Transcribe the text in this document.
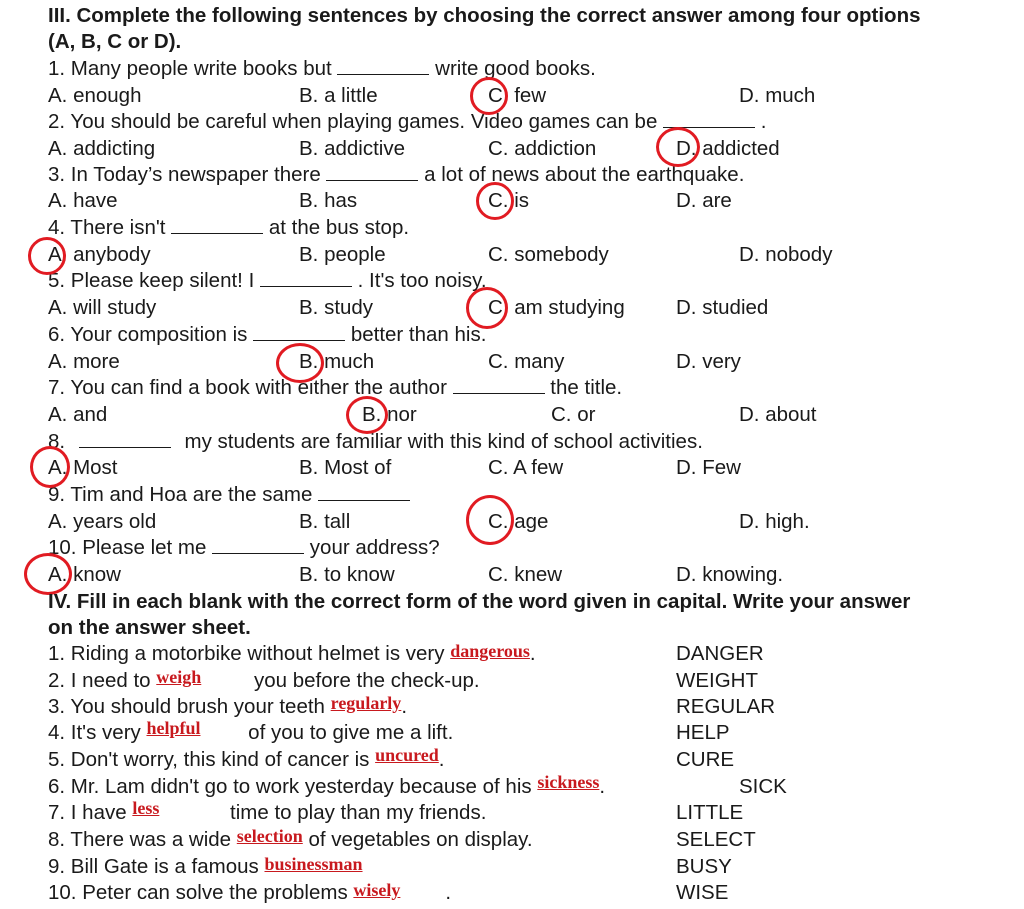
III. Complete the following sentences by choosing the correct answer among four options
(A, B, C or D).
1. Many people write books but	write good books.
A. enough	B. a little	C. few	D. much
2. You should be careful when playing games. Video games can be	.
A. addicting	B. addictive	C. addiction	D. addicted
3. In Today’s newspaper there	a lot of news about the earthquake.
A. have	B. has	C. is	D. are
4. There isn't	at the bus stop.
A. anybody	B. people	C. somebody	D. nobody
5. Please keep silent! I	. It's too noisy.
A. will study	B. study	C. am studying	D. studied
6. Your composition is	better than his.
A. more	B. much	C. many	D. very
7. You can find a book with either the author	the title.
A. and	B. nor	C. or	D. about
8.	my students are familiar with this kind of school activities.
A. Most	B. Most of	C. A few	D. Few
9. Tim and Hoa are the same
A. years old	B. tall	C. age	D. high.
10. Please let me	your address?
A. know	B. to know	C. knew	D. knowing.
IV. Fill in each blank with the correct form of the word given in capital. Write your answer
on the answer sheet.
1. Riding a motorbike without helmet is very dangerous.	DANGER
2. I need to weigh you before the check-up.	WEIGHT
3. You should brush your teeth regularly.	REGULAR
4. It's very helpful of you to give me a lift.	HELP
5. Don't worry, this kind of cancer is uncured.	CURE
6. Mr. Lam didn't go to work yesterday because of his sickness.	SICK
7. I have less	time to play than my friends.	LITTLE
8. There was a wide selection of vegetables on display.	SELECT
9. Bill Gate is a famous businessman	BUSY
10. Peter can solve the problems wisely .	WISE
